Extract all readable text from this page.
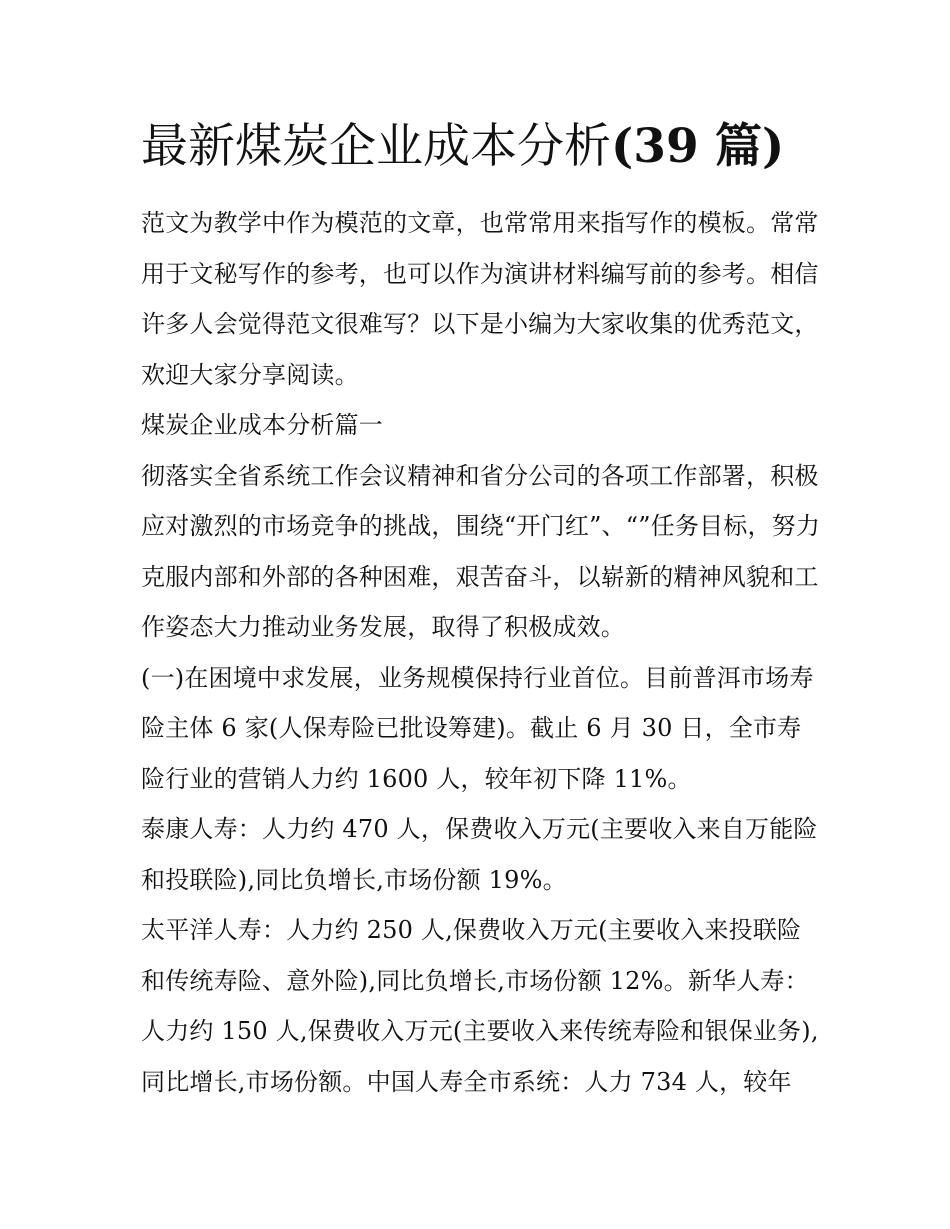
最新煤炭企业成本分析(39 篇)

范文为教学中作为模范的文章，也常常用来指写作的模板。常常用于文秘写作的参考，也可以作为演讲材料编写前的参考。相信许多人会觉得范文很难写？以下是小编为大家收集的优秀范文，欢迎大家分享阅读。

煤炭企业成本分析篇一

彻落实全省系统工作会议精神和省分公司的各项工作部署，积极应对激烈的市场竞争的挑战，围绕“开门红”、“”任务目标，努力克服内部和外部的各种困难，艰苦奋斗，以崭新的精神风貌和工作姿态大力推动业务发展，取得了积极成效。

(一)在困境中求发展，业务规模保持行业首位。目前普洱市场寿险主体 6 家(人保寿险已批设筹建)。截止 6 月 30 日，全市寿险行业的营销人力约 1600 人，较年初下降 11%。

泰康人寿：人力约 470 人，保费收入万元(主要收入来自万能险和投联险),同比负增长,市场份额 19%。

太平洋人寿：人力约 250 人,保费收入万元(主要收入来投联险和传统寿险、意外险),同比负增长,市场份额 12%。新华人寿：人力约 150 人,保费收入万元(主要收入来传统寿险和银保业务),同比增长,市场份额。中国人寿全市系统：人力 734 人，较年
